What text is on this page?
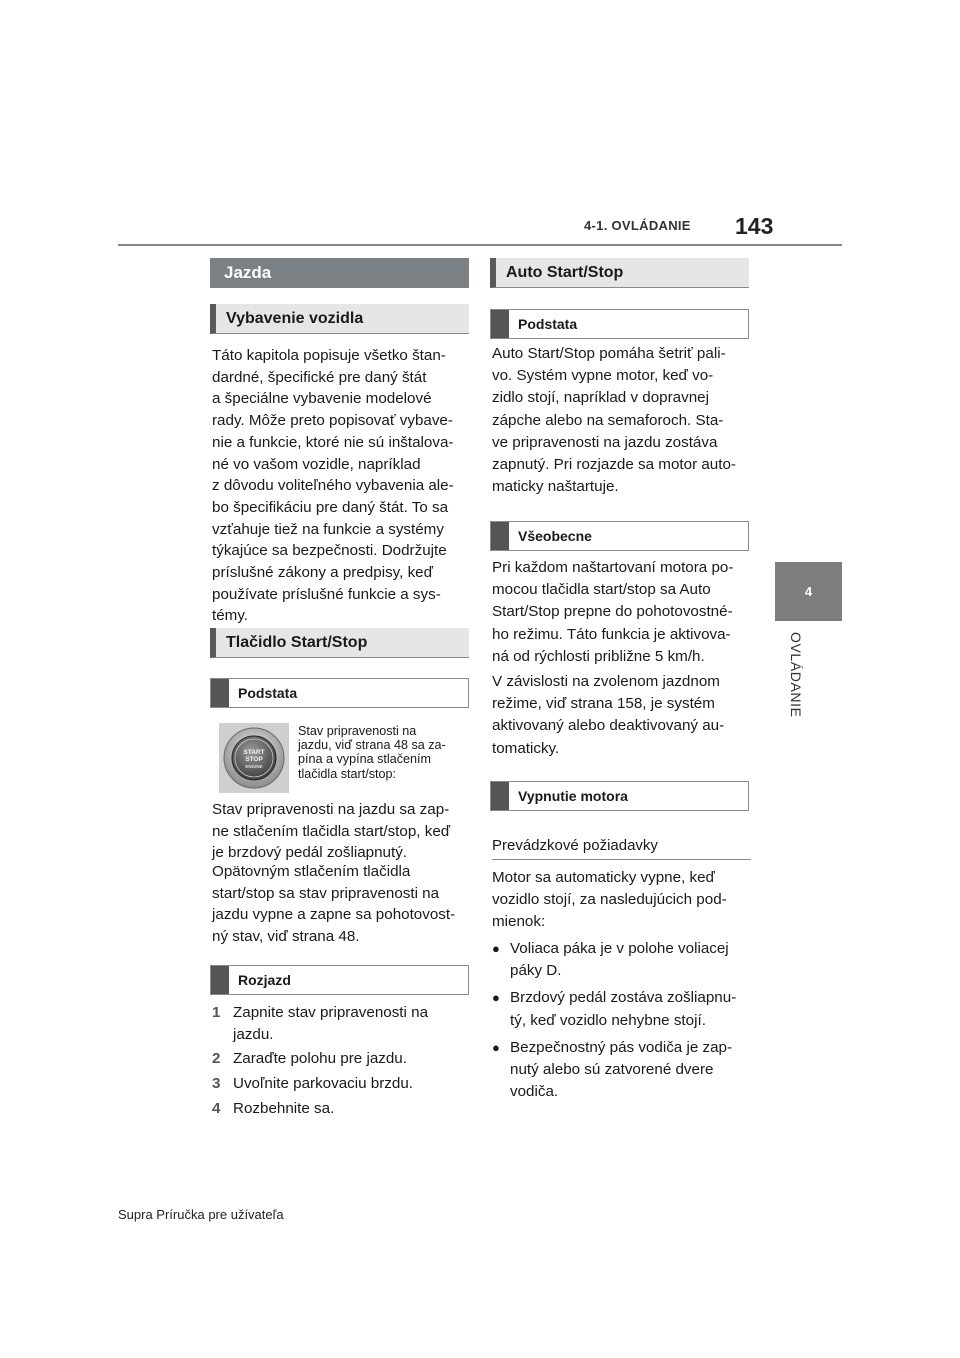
4-1. OVLÁDANIE 143
4
OVLÁDANIE
Jazda
Vybavenie vozidla
Táto kapitola popisuje všetko štan-
dardné, špecifické pre daný štát
a špeciálne vybavenie modelové
rady. Môže preto popisovať vybave-
nie a funkcie, ktoré nie sú inštalova-
né vo vašom vozidle, napríklad
z dôvodu voliteľného vybavenia ale-
bo špecifikáciu pre daný štát. To sa
vzťahuje tiež na funkcie a systémy
týkajúce sa bezpečnosti. Dodržujte
príslušné zákony a predpisy, keď
používate príslušné funkcie a sys-
témy.
Tlačidlo Start/Stop
Podstata
START
STOP
ENGINE
Stav pripravenosti na
jazdu, viď strana 48 sa za-
pína a vypína stlačením
tlačidla start/stop:
Stav pripravenosti na jazdu sa zap-
ne stlačením tlačidla start/stop, keď
je brzdový pedál zošliapnutý.
Opätovným stlačením tlačidla
start/stop sa stav pripravenosti na
jazdu vypne a zapne sa pohotovost-
ný stav, viď strana 48.
Rozjazd
1 Zapnite stav pripravenosti na
jazdu.
2 Zaraďte polohu pre jazdu.
3 Uvoľnite parkovaciu brzdu.
4 Rozbehnite sa.
Auto Start/Stop
Podstata
Auto Start/Stop pomáha šetriť pali-
vo. Systém vypne motor, keď vo-
zidlo stojí, napríklad v dopravnej
zápche alebo na semaforoch. Sta-
ve pripravenosti na jazdu zostáva
zapnutý. Pri rozjazde sa motor auto-
maticky naštartuje.
Všeobecne
Pri každom naštartovaní motora po-
mocou tlačidla start/stop sa Auto
Start/Stop prepne do pohotovostné-
ho režimu. Táto funkcia je aktivova-
ná od rýchlosti približne 5 km/h.
V závislosti na zvolenom jazdnom
režime, viď strana 158, je systém
aktivovaný alebo deaktivovaný au-
tomaticky.
Vypnutie motora
Prevádzkové požiadavky
Motor sa automaticky vypne, keď
vozidlo stojí, za nasledujúcich pod-
mienok:
● Voliaca páka je v polohe voliacej
páky D.
● Brzdový pedál zostáva zošliapnu-
tý, keď vozidlo nehybne stojí.
● Bezpečnostný pás vodiča je zap-
nutý alebo sú zatvorené dvere
vodiča.
Supra Príručka pre užívateľa
